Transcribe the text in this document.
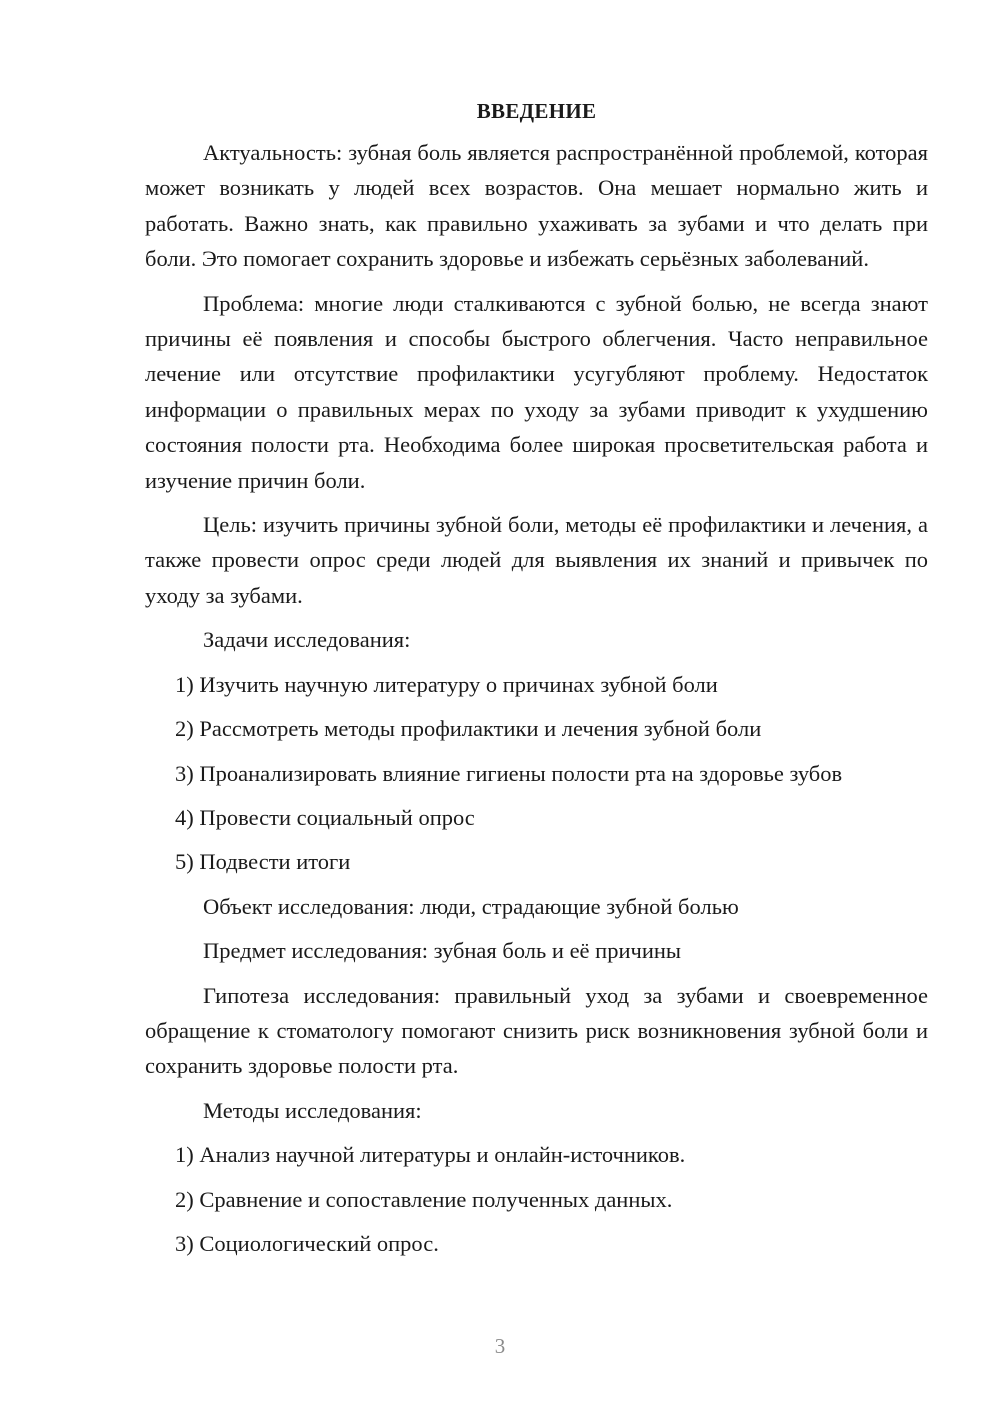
ВВЕДЕНИЕ

Актуальность: зубная боль является распространённой проблемой, которая может возникать у людей всех возрастов. Она мешает нормально жить и работать. Важно знать, как правильно ухаживать за зубами и что делать при боли. Это помогает сохранить здоровье и избежать серьёзных заболеваний.

Проблема: многие люди сталкиваются с зубной болью, не всегда знают причины её появления и способы быстрого облегчения. Часто неправильное лечение или отсутствие профилактики усугубляют проблему. Недостаток информации о правильных мерах по уходу за зубами приводит к ухудшению состояния полости рта. Необходима более широкая просветительская работа и изучение причин боли.

Цель: изучить причины зубной боли, методы её профилактики и лечения, а также провести опрос среди людей для выявления их знаний и привычек по уходу за зубами.

Задачи исследования:
1) Изучить научную литературу о причинах зубной боли
2) Рассмотреть методы профилактики и лечения зубной боли
3) Проанализировать влияние гигиены полости рта на здоровье зубов
4) Провести социальный опрос
5) Подвести итоги
Объект исследования: люди, страдающие зубной болью
Предмет исследования: зубная боль и её причины

Гипотеза исследования: правильный уход за зубами и своевременное обращение к стоматологу помогают снизить риск возникновения зубной боли и сохранить здоровье полости рта.

Методы исследования:
1) Анализ научной литературы и онлайн-источников.
2) Сравнение и сопоставление полученных данных.
3) Социологический опрос.
3
